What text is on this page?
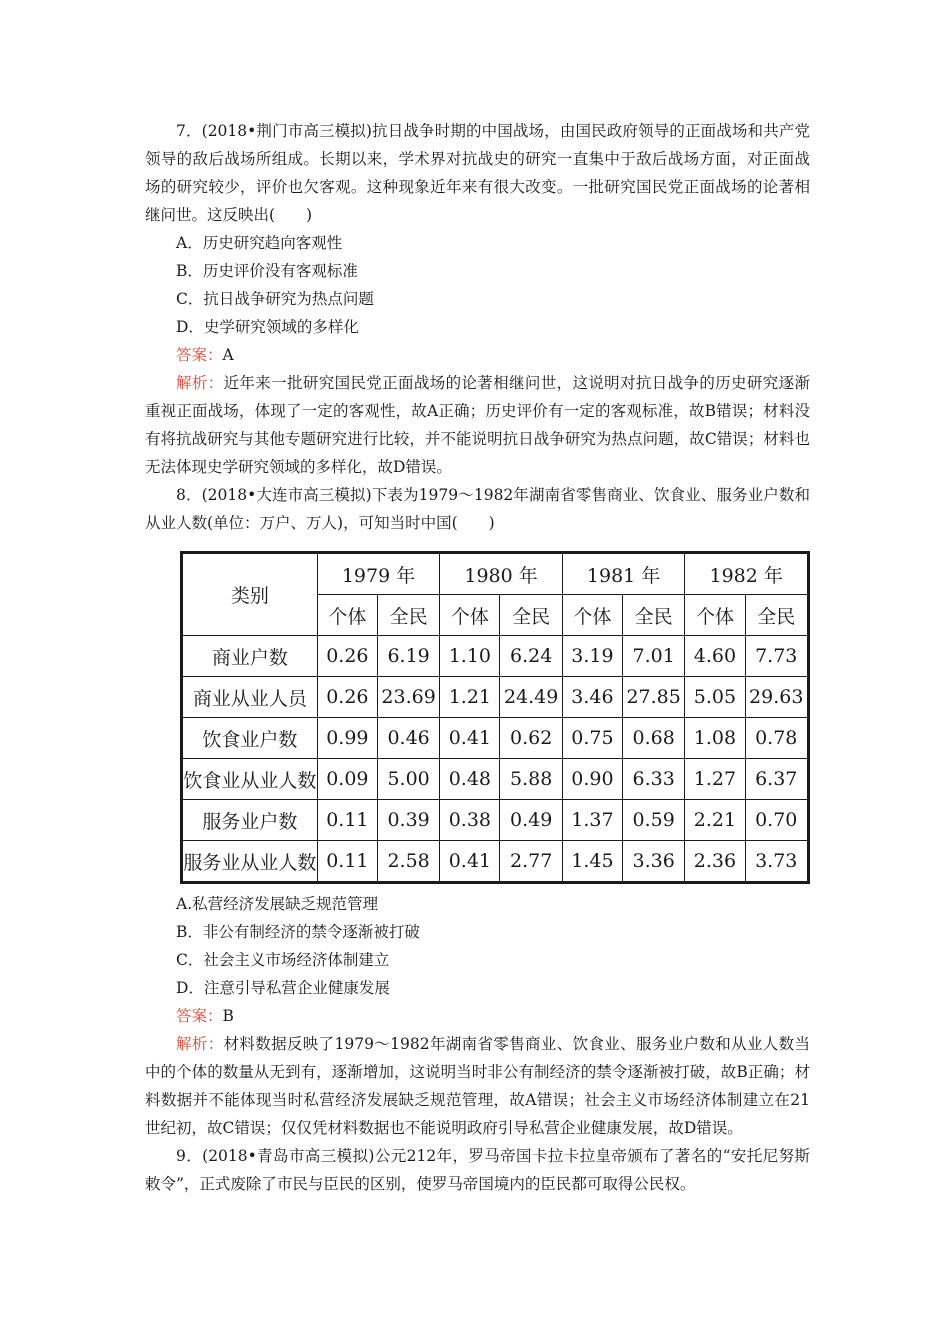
7．(2018•荆门市高三模拟)抗日战争时期的中国战场，由国民政府领导的正面战场和共产党领导的敌后战场所组成。长期以来，学术界对抗战史的研究一直集中于敌后战场方面，对正面战场的研究较少，评价也欠客观。这种现象近年来有很大改变。一批研究国民党正面战场的论著相继问世。这反映出(　　)

A．历史研究趋向客观性

B．历史评价没有客观标准

C．抗日战争研究为热点问题

D．史学研究领域的多样化

答案：A

解析：近年来一批研究国民党正面战场的论著相继问世，这说明对抗日战争的历史研究逐渐重视正面战场，体现了一定的客观性，故A正确；历史评价有一定的客观标准，故B错误；材料没有将抗战研究与其他专题研究进行比较，并不能说明抗日战争研究为热点问题，故C错误；材料也无法体现史学研究领域的多样化，故D错误。

8．(2018•大连市高三模拟)下表为1979～1982年湖南省零售商业、饮食业、服务业户数和从业人数(单位：万户、万人)，可知当时中国(　　)

类别	1979 年		1980 年		1981 年		1982 年	
	个体	全民	个体	全民	个体	全民	个体	全民
商业户数	0.26	6.19	1.10	6.24	3.19	7.01	4.60	7.73
商业从业人员	0.26	23.69	1.21	24.49	3.46	27.85	5.05	29.63
饮食业户数	0.99	0.46	0.41	0.62	0.75	0.68	1.08	0.78
饮食业从业人数	0.09	5.00	0.48	5.88	0.90	6.33	1.27	6.37
服务业户数	0.11	0.39	0.38	0.49	1.37	0.59	2.21	0.70
服务业从业人数	0.11	2.58	0.41	2.77	1.45	3.36	2.36	3.73

A.私营经济发展缺乏规范管理

B．非公有制经济的禁令逐渐被打破

C．社会主义市场经济体制建立

D．注意引导私营企业健康发展

答案：B

解析：材料数据反映了1979～1982年湖南省零售商业、饮食业、服务业户数和从业人数当中的个体的数量从无到有，逐渐增加，这说明当时非公有制经济的禁令逐渐被打破，故B正确；材料数据并不能体现当时私营经济发展缺乏规范管理，故A错误；社会主义市场经济体制建立在21世纪初，故C错误；仅仅凭材料数据也不能说明政府引导私营企业健康发展，故D错误。

9．(2018•青岛市高三模拟)公元212年，罗马帝国卡拉卡拉皇帝颁布了著名的“安托尼努斯敕令”，正式废除了市民与臣民的区别，使罗马帝国境内的臣民都可取得公民权。
